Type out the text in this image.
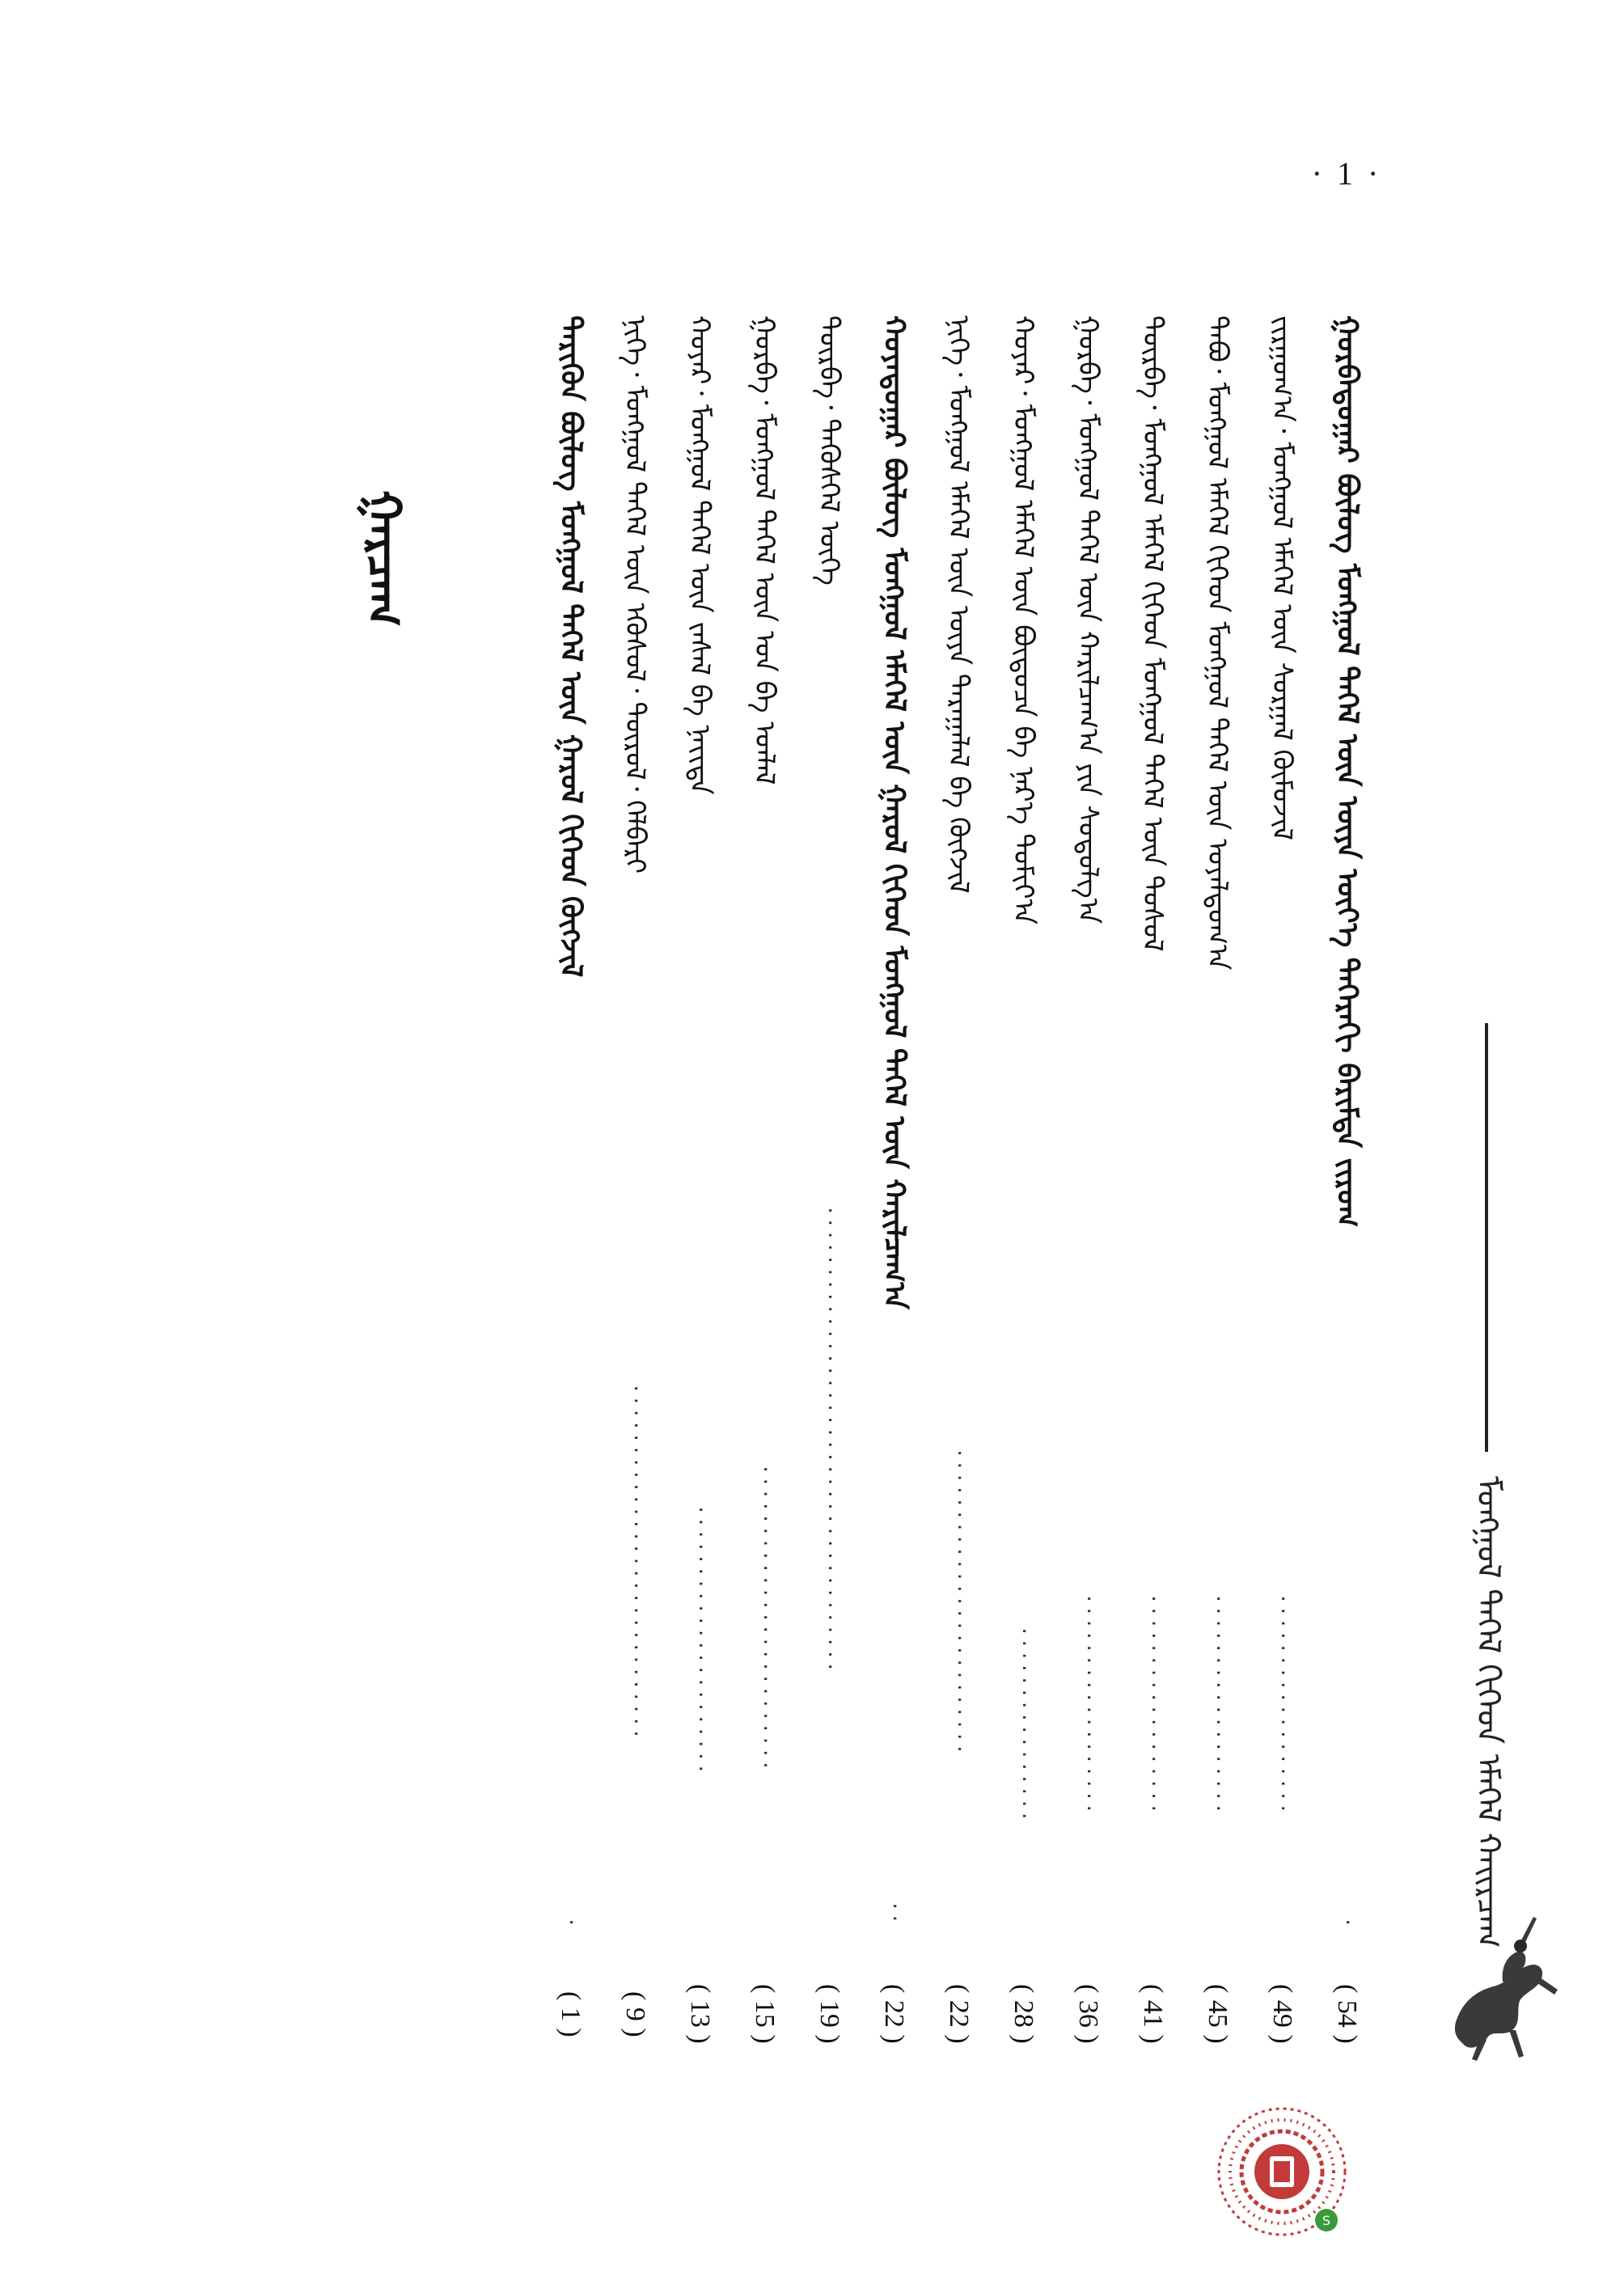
· 1 ·
ᠮᠣᠩᠭᠣᠯ ᠳᠡᠭᠡᠯ ᠬᠢᠭᠡᠳ ᠡᠮᠡᠭᠡᠯ ᠬᠠᠢᠷᠴᠠᠭ
S
ᠭᠠᠷᠴᠠᠭ	ᠲᠡᠷᠢᠭᠦᠨ ᠪᠦᠯᠦᠭ ᠮᠣᠩᠭᠣᠯ ᠳᠡᠭᠡᠯ ᠦᠨ ᠭᠠᠷᠤᠯ ᠬᠢᠭᠡᠳ ᠬᠥᠭᠵᠢᠯ
·
( 1 )
ᠨᠢᠭᠡ᠂ ᠮᠣᠩᠭᠣᠯ ᠳᠡᠭᠡᠯ ᠦᠨ ᠡᠭᠦᠰᠦᠯ᠂ ᠲᠦᠷᠦᠯ᠂ ᠬᠡᠯᠪᠡᠷᠢ
·····························
( 9 )
ᠬᠣᠶᠠᠷ᠂ ᠮᠣᠩᠭᠣᠯ ᠳᠡᠭᠡᠯ ᠦᠨ ᠵᠠᠰᠠᠯ ᠪᠠ ᠨᠡᠶ᠋ᠢᠲᠡ
······················
( 13 )
ᠭᠤᠷᠪᠠ᠂ ᠮᠣᠩᠭᠣᠯ ᠳᠡᠭᠡᠯ ᠦᠨ ᠡᠳ ᠪᠠ ᠡᠳᠯᠡᠯ
·························
( 15 )
ᠳᠥᠷᠪᠡ᠂ ᠲᠡᠭᠦᠰᠬᠡᠯ ᠦᠭᠡ
······································
( 19 )
ᠬᠣᠶᠠᠳᠤᠭᠠᠷ ᠪᠦᠯᠦᠭ ᠮᠣᠩᠭᠣᠯ ᠡᠮᠡᠭᠡᠯ ᠦᠨ ᠭᠠᠷᠤᠯ ᠬᠢᠭᠡᠳ ᠮᠣᠩᠭᠣᠯ ᠳᠡᠭᠡᠯ ᠦᠨ ᠬᠠᠷᠢᠯᠴᠠᠭ᠎ᠠ
··
( 22 )
ᠨᠢᠭᠡ᠂ ᠮᠣᠩᠭᠣᠯ ᠡᠮᠡᠭᠡᠯ ᠦᠨ ᠦᠶᠡ ᠳᠠᠷᠠᠭᠠᠯᠠᠯ ᠪᠠ ᠬᠥᠭᠵᠢᠯ
·························
( 22 )
ᠬᠣᠶᠠᠷ᠂ ᠮᠣᠩᠭᠣᠯ ᠡᠮᠡᠭᠡᠯ ᠦᠨ ᠪᠦᠲᠦᠴᠡ ᠪᠠ ᠨᠡᠷ᠎ᠡ ᠲᠣᠮᠢᠶ᠎ᠠ
················
( 28 )
ᠭᠤᠷᠪᠠ᠂ ᠮᠣᠩᠭᠣᠯ ᠳᠡᠭᠡᠯ ᠦᠨ ᠬᠠᠷᠢᠯᠴᠠᠭ᠎ᠠ ᠶᠢᠨ ᠰᠤᠳᠤᠯᠭ᠎ᠠ
··················
( 36 )
ᠳᠥᠷᠪᠡ᠂ ᠮᠣᠩᠭᠣᠯ ᠡᠮᠡᠭᠡᠯ ᠬᠢᠭᠡᠳ ᠮᠣᠩᠭᠣᠯ ᠳᠡᠭᠡᠯ ᠦᠨ ᠳᠣᠰᠣᠯ
··················
( 41 )
ᠲᠠᠪᠤ᠂ ᠮᠣᠩᠭᠣᠯ ᠡᠮᠡᠭᠡᠯ ᠬᠢᠭᠡᠳ ᠮᠣᠩᠭᠣᠯ ᠳᠡᠭᠡᠯ ᠦᠨ ᠤᠶᠠᠯᠳᠤᠭ᠎ᠠ
··················
( 45 )
ᠵᠢᠷᠭᠤᠭ᠎ᠠ᠂ ᠮᠣᠩᠭᠣᠯ ᠡᠮᠡᠭᠡᠯ ᠦᠨ ᠰᠤᠷᠭᠠᠯ ᠬᠦᠮᠦᠵᠢᠯ
··················
( 49 )
ᠭᠤᠷᠪᠠᠳᠤᠭᠠᠷ ᠪᠦᠯᠦᠭ ᠮᠣᠩᠭᠣᠯ ᠳᠡᠭᠡᠯ ᠦᠨ ᠦᠶᠡ ᠦᠶ᠎ᠡ ᠳᠡᠭᠡᠷᠡᠬᠢ ᠪᠠᠷᠢᠮᠲᠠ ᠵᠢᠷᠤᠭ
·
( 54 )
